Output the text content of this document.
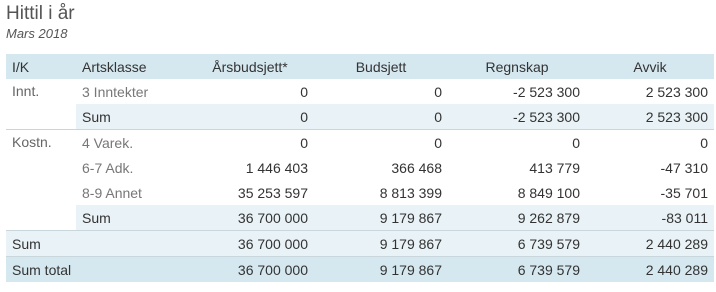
Hittil i år
Mars 2018
I/K	Artsklasse	Årsbudsjett*	Budsjett	Regnskap	Avvik
Innt.	3 Inntekter	0	0	-2 523 300	2 523 300
	Sum	0	0	-2 523 300	2 523 300
Kostn.	4 Varek.	0	0	0	0
	6-7 Adk.	1 446 403	366 468	413 779	-47 310
	8-9 Annet	35 253 597	8 813 399	8 849 100	-35 701
	Sum	36 700 000	9 179 867	9 262 879	-83 011
Sum		36 700 000	9 179 867	6 739 579	2 440 289
Sum total		36 700 000	9 179 867	6 739 579	2 440 289
